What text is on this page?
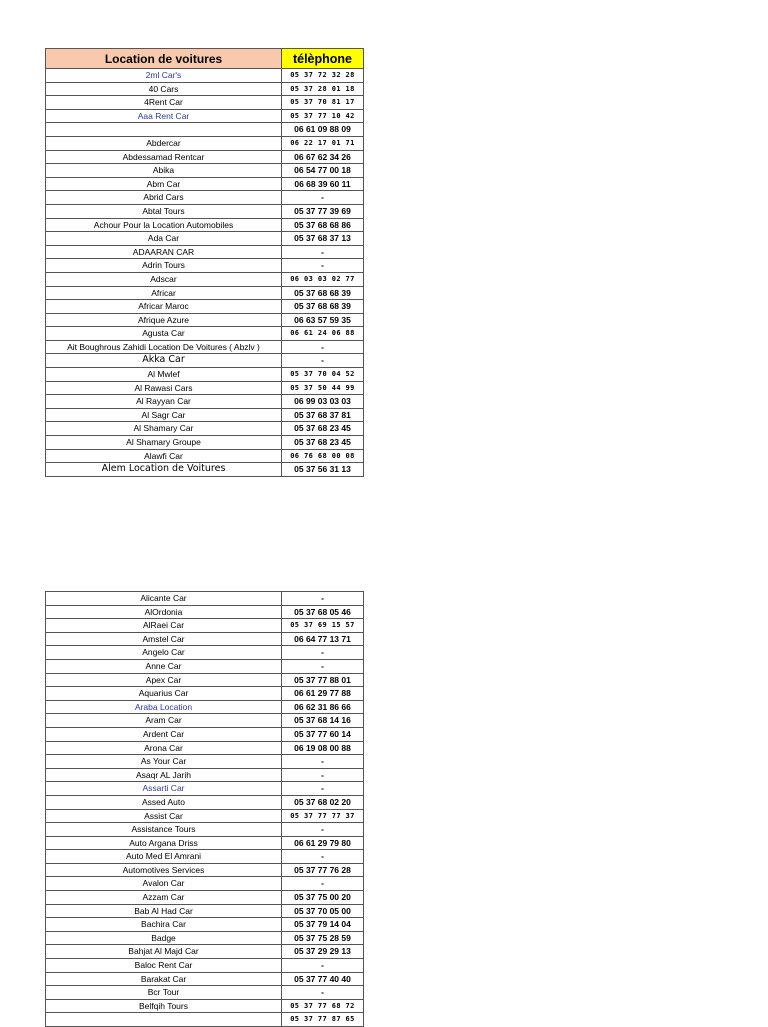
Location de voitures	télèphone
2ml Car's	05 37 72 32 28
40 Cars	05 37 28 01 18
4Rent Car	05 37 70 81 17
Aaa Rent Car	05 37 77 10 42
	06 61 09 88 09
Abdercar	06 22 17 01 71
Abdessamad Rentcar	06 67 62 34 26
Abika	06 54 77 00 18
Abm Car	06 68 39 60 11
Abrid Cars	-
Abtal Tours	05 37 77 39 69
Achour Pour la Location Automobiles	05 37 68 68 86
Ada Car	05 37 68 37 13
ADAARAN CAR	-
Adrin Tours	-
Adscar	06 03 03 02 77
Africar	05 37 68 68 39
Africar Maroc	05 37 68 68 39
Afrique Azure	06 63 57 59 35
Agusta Car	06 61 24 06 88
Ait Boughrous Zahidi Location De Voitures ( Abzlv )	-
Akka Car	-
Al Mwlef	05 37 70 04 52
Al Rawasi Cars	05 37 50 44 99
Al Rayyan Car	06 99 03 03 03
Al Sagr Car	05 37 68 37 81
Al Shamary Car	05 37 68 23 45
Al Shamary Groupe	05 37 68 23 45
Alawfi Car	06 76 68 00 08
Alem Location de Voitures	05 37 56 31 13
Alicante Car	-
AlOrdonia	05 37 68 05 46
AlRaei Car	05 37 69 15 57
Amstel Car	06 64 77 13 71
Angelo Car	-
Anne Car	-
Apex Car	05 37 77 88 01
Aquarius Car	06 61 29 77 88
Araba Location	06 62 31 86 66
Aram Car	05 37 68 14 16
Ardent Car	05 37 77 60 14
Arona Car	06 19 08 00 88
As Your Car	-
Asaqr AL Jarih	-
Assarti Car	-
Assed Auto	05 37 68 02 20
Assist Car	05 37 77 77 37
Assistance Tours	-
Auto Argana Driss	06 61 29 79 80
Auto Med El Amrani	-
Automotives Services	05 37 77 76 28
Avalon Car	-
Azzam Car	05 37 75 00 20
Bab Al Had Car	05 37 70 05 00
Bachira Car	05 37 79 14 04
Badge	05 37 75 28 59
Bahjat Al Majd Car	05 37 29 29 13
Baloc Rent Car	-
Barakat Car	05 37 77 40 40
Bcr Tour	-
Belfqih Tours	05 37 77 68 72
	05 37 77 87 65
